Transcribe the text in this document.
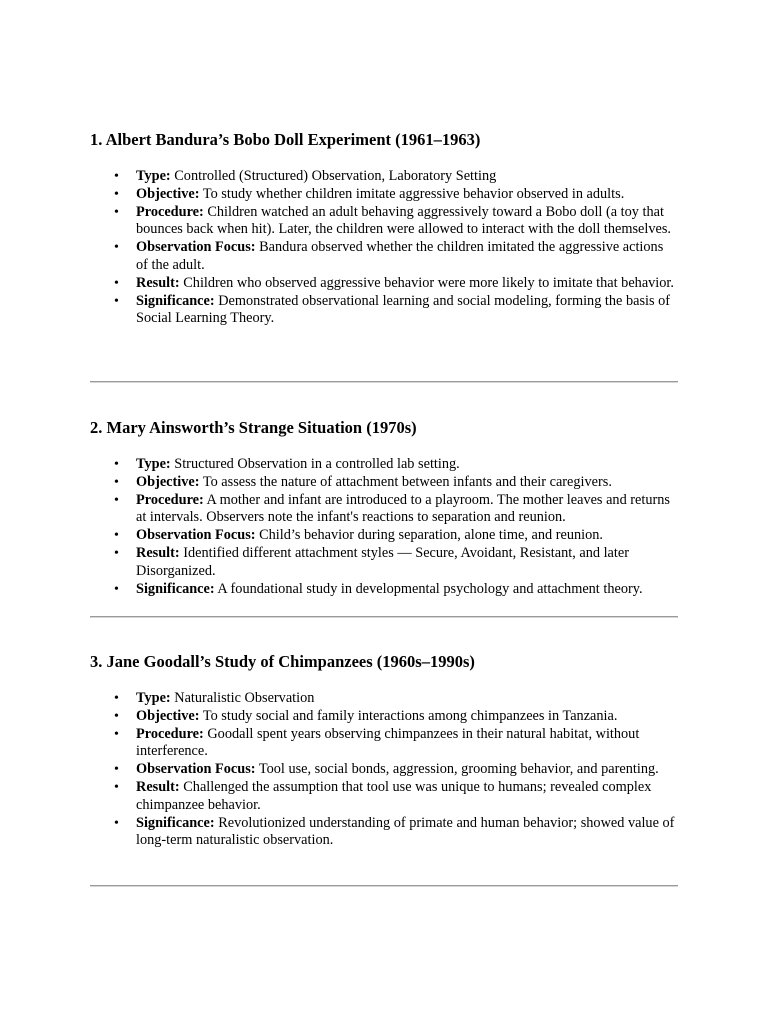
1. Albert Bandura’s Bobo Doll Experiment (1961–1963)
• Type: Controlled (Structured) Observation, Laboratory Setting
• Objective: To study whether children imitate aggressive behavior observed in adults.
• Procedure: Children watched an adult behaving aggressively toward a Bobo doll (a toy that bounces back when hit). Later, the children were allowed to interact with the doll themselves.
• Observation Focus: Bandura observed whether the children imitated the aggressive actions of the adult.
• Result: Children who observed aggressive behavior were more likely to imitate that behavior.
• Significance: Demonstrated observational learning and social modeling, forming the basis of Social Learning Theory.
2. Mary Ainsworth’s Strange Situation (1970s)
• Type: Structured Observation in a controlled lab setting.
• Objective: To assess the nature of attachment between infants and their caregivers.
• Procedure: A mother and infant are introduced to a playroom. The mother leaves and returns at intervals. Observers note the infant's reactions to separation and reunion.
• Observation Focus: Child’s behavior during separation, alone time, and reunion.
• Result: Identified different attachment styles — Secure, Avoidant, Resistant, and later Disorganized.
• Significance: A foundational study in developmental psychology and attachment theory.
3. Jane Goodall’s Study of Chimpanzees (1960s–1990s)
• Type: Naturalistic Observation
• Objective: To study social and family interactions among chimpanzees in Tanzania.
• Procedure: Goodall spent years observing chimpanzees in their natural habitat, without interference.
• Observation Focus: Tool use, social bonds, aggression, grooming behavior, and parenting.
• Result: Challenged the assumption that tool use was unique to humans; revealed complex chimpanzee behavior.
• Significance: Revolutionized understanding of primate and human behavior; showed value of long-term naturalistic observation.
